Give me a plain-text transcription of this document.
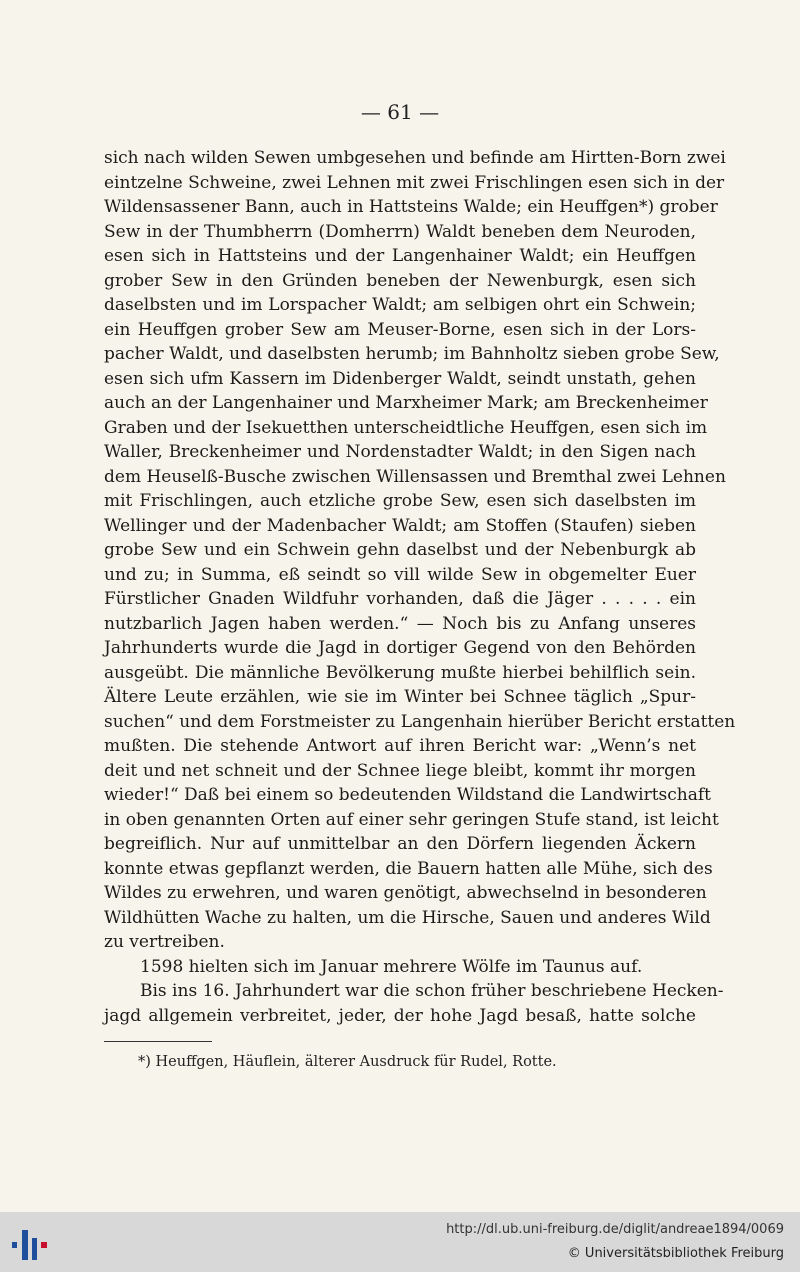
— 61 —
sich nach wilden Sewen umbgesehen und befinde am Hirtten-Born zwei
eintzelne Schweine, zwei Lehnen mit zwei Frischlingen esen sich in der
Wildensassener Bann, auch in Hattsteins Walde; ein Heuffgen*) grober
Sew in der Thumbherrn (Domherrn) Waldt beneben dem Neuroden,
esen sich in Hattsteins und der Langenhainer Waldt; ein Heuffgen
grober Sew in den Gründen beneben der Newenburgk, esen sich
daselbsten und im Lorspacher Waldt; am selbigen ohrt ein Schwein;
ein Heuffgen grober Sew am Meuser-Borne, esen sich in der Lors-
pacher Waldt, und daselbsten herumb; im Bahnholtz sieben grobe Sew,
esen sich ufm Kassern im Didenberger Waldt, seindt unstath, gehen
auch an der Langenhainer und Marxheimer Mark; am Breckenheimer
Graben und der Isekuetthen unterscheidtliche Heuffgen, esen sich im
Waller, Breckenheimer und Nordenstadter Waldt; in den Sigen nach
dem Heuselß-Busche zwischen Willensassen und Bremthal zwei Lehnen
mit Frischlingen, auch etzliche grobe Sew, esen sich daselbsten im
Wellinger und der Madenbacher Waldt; am Stoffen (Staufen) sieben
grobe Sew und ein Schwein gehn daselbst und der Nebenburgk ab
und zu; in Summa, eß seindt so vill wilde Sew in obgemelter Euer
Fürstlicher Gnaden Wildfuhr vorhanden, daß die Jäger . . . . . ein
nutzbarlich Jagen haben werden.“ — Noch bis zu Anfang unseres
Jahrhunderts wurde die Jagd in dortiger Gegend von den Behörden
ausgeübt. Die männliche Bevölkerung mußte hierbei behilflich sein.
Ältere Leute erzählen, wie sie im Winter bei Schnee täglich „Spur-
suchen“ und dem Forstmeister zu Langenhain hierüber Bericht erstatten
mußten. Die stehende Antwort auf ihren Bericht war: „Wenn’s net
deit und net schneit und der Schnee liege bleibt, kommt ihr morgen
wieder!“ Daß bei einem so bedeutenden Wildstand die Landwirtschaft
in oben genannten Orten auf einer sehr geringen Stufe stand, ist leicht
begreiflich. Nur auf unmittelbar an den Dörfern liegenden Äckern
konnte etwas gepflanzt werden, die Bauern hatten alle Mühe, sich des
Wildes zu erwehren, und waren genötigt, abwechselnd in besonderen
Wildhütten Wache zu halten, um die Hirsche, Sauen und anderes Wild
zu vertreiben.
1598 hielten sich im Januar mehrere Wölfe im Taunus auf.
Bis ins 16. Jahrhundert war die schon früher beschriebene Hecken-
jagd allgemein verbreitet, jeder, der hohe Jagd besaß, hatte solche
*) Heuffgen, Häuflein, älterer Ausdruck für Rudel, Rotte.
http://dl.ub.uni-freiburg.de/diglit/andreae1894/0069
© Universitätsbibliothek Freiburg
